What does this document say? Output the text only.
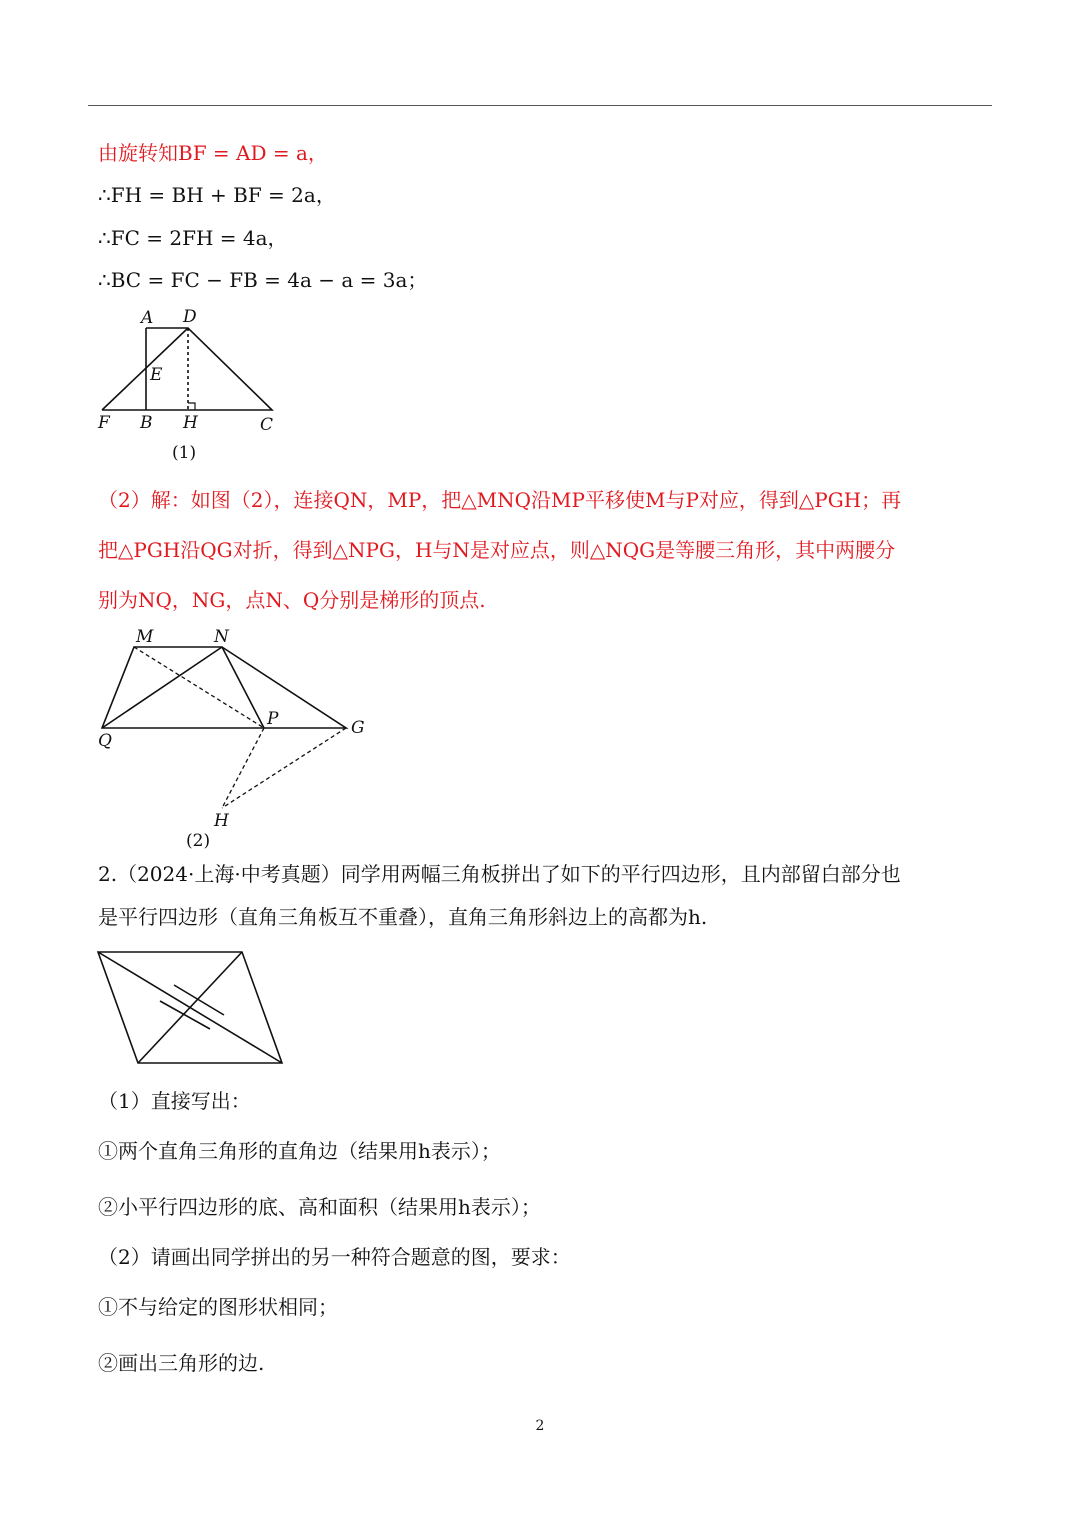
由旋转知BF = AD = a，
∴FH = BH + BF = 2a，
∴FC = 2FH = 4a，
∴BC = FC − FB = 4a − a = 3a；
A D
E
F B H	C
(1)
（2）解：如图（2），连接QN，MP，把△MNQ沿MP平移使M与P对应，得到△PGH；再
把△PGH沿QG对折，得到△NPG，H与N是对应点，则△NQG是等腰三角形，其中两腰分
别为NQ，NG，点N、Q分别是梯形的顶点.
M	N
P
Q
G
H
(2)
2.（2024·上海·中考真题）同学用两幅三角板拼出了如下的平行四边形，且内部留白部分也
是平行四边形（直角三角板互不重叠），直角三角形斜边上的高都为h.
（1）直接写出：
①两个直角三角形的直角边（结果用h表示）；
②小平行四边形的底、高和面积（结果用h表示）；
（2）请画出同学拼出的另一种符合题意的图，要求：
①不与给定的图形状相同；
②画出三角形的边.
2
